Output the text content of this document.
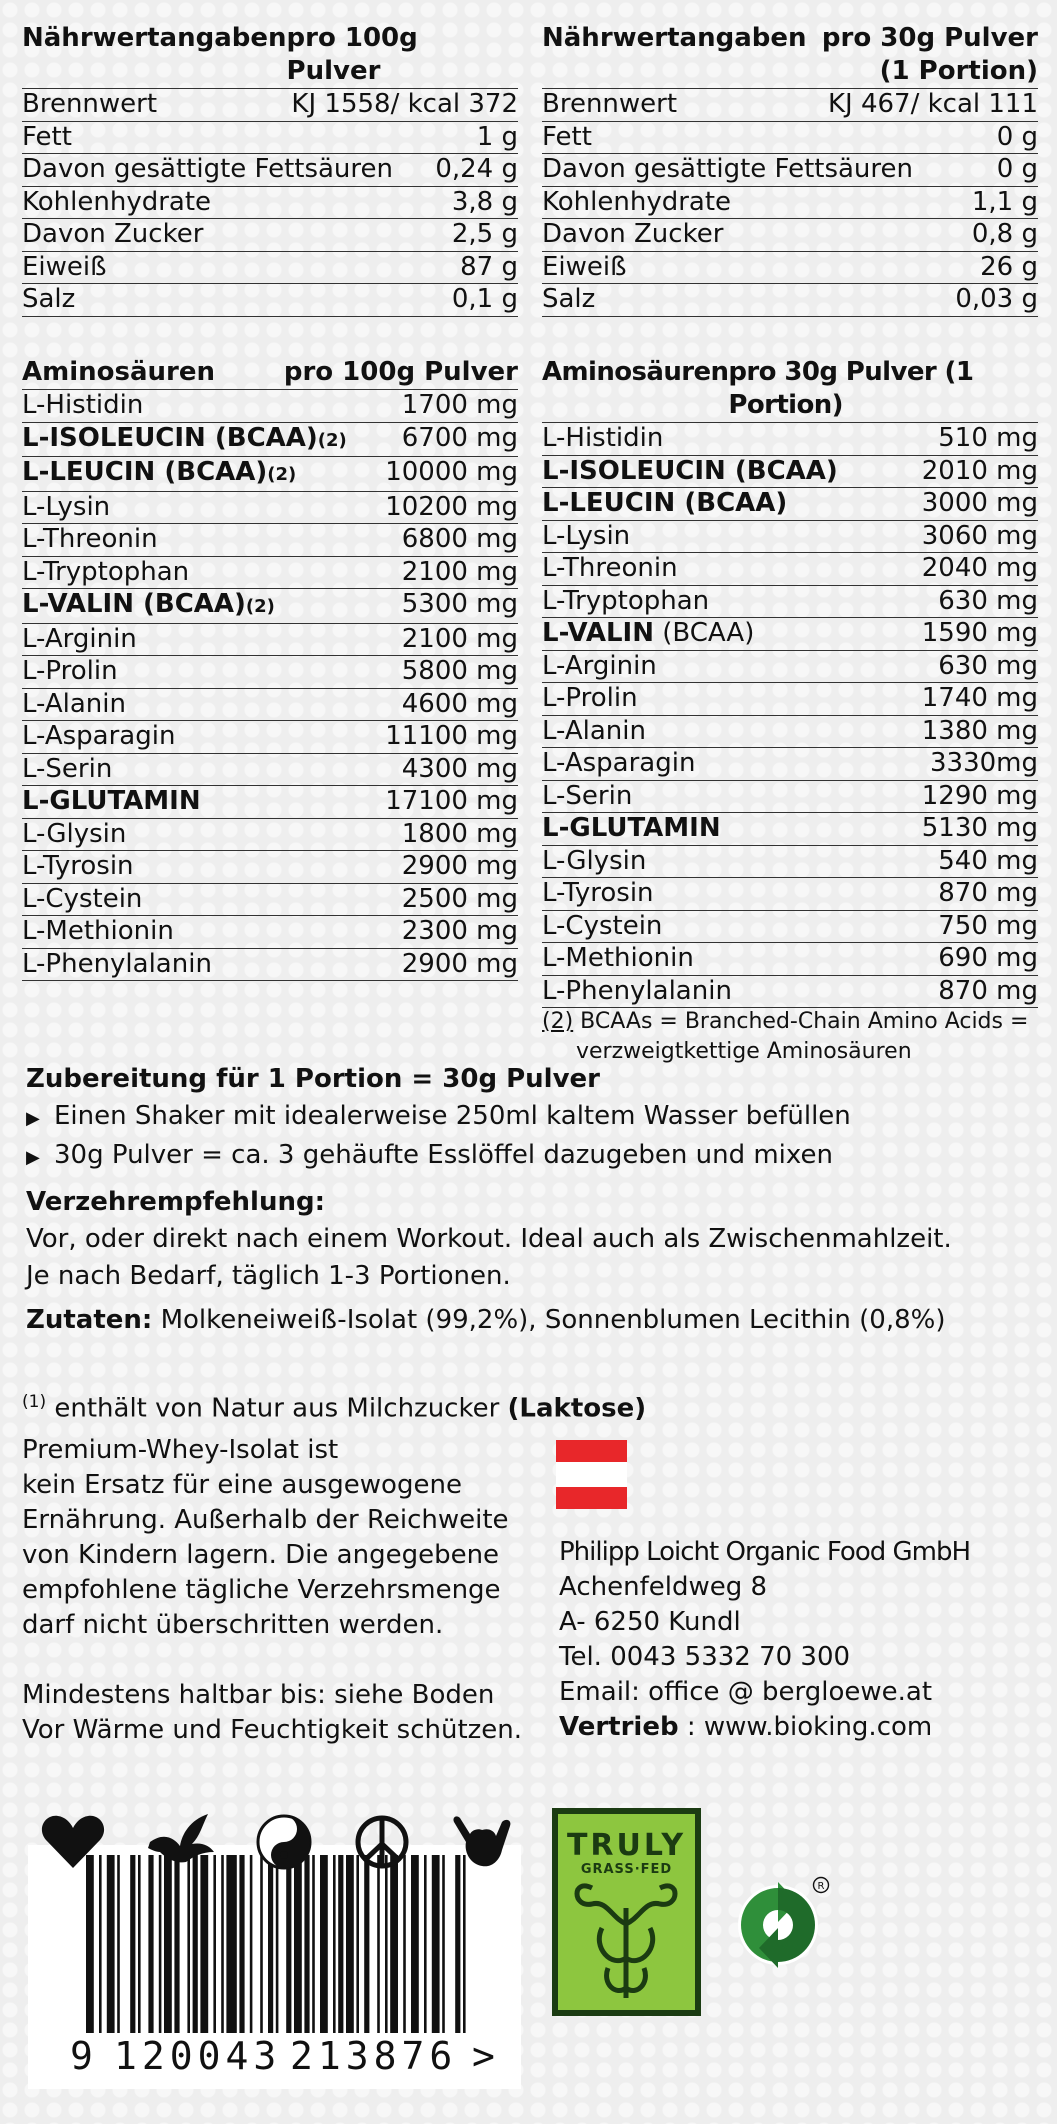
Nährwertangaben pro 100g Pulver
Brennwert	KJ 1558/ kcal 372
Fett	1 g
Davon gesättigte Fettsäuren 0,24 g
Kohlenhydrate	3,8 g
Davon Zucker	2,5 g
Eiweiß	87 g
Salz	0,1 g
Nährwertangaben pro 30g Pulver
(1 Portion)
Brennwert	KJ 467/ kcal 111
Fett	0 g
Davon gesättigte Fettsäuren	0 g
Kohlenhydrate	1,1 g
Davon Zucker	0,8 g
Eiweiß	26 g
Salz	0,03 g
Aminosäuren	pro 100g Pulver
L-Histidin	1700 mg
L-ISOLEUCIN (BCAA)(2) 6700 mg
L-LEUCIN (BCAA)(2)	10000 mg
L-Lysin	10200 mg
L-Threonin	6800 mg
L-Tryptophan	2100 mg
L-VALIN (BCAA)(2)	5300 mg
L-Arginin	2100 mg
L-Prolin	5800 mg
L-Alanin	4600 mg
L-Asparagin	11100 mg
L-Serin	4300 mg
L-GLUTAMIN	17100 mg
L-Glysin	1800 mg
L-Tyrosin	2900 mg
L-Cystein	2500 mg
L-Methionin	2300 mg
L-Phenylalanin	2900 mg
Aminosäuren pro 30g Pulver (1 Portion)
L-Histidin	510 mg
L-ISOLEUCIN (BCAA)	2010 mg
L-LEUCIN (BCAA)	3000 mg
L-Lysin	3060 mg
L-Threonin	2040 mg
L-Tryptophan	630 mg
L-VALIN (BCAA)	1590 mg
L-Arginin	630 mg
L-Prolin	1740 mg
L-Alanin	1380 mg
L-Asparagin	3330mg
L-Serin	1290 mg
L-GLUTAMIN	5130 mg
L-Glysin	540 mg
L-Tyrosin	870 mg
L-Cystein	750 mg
L-Methionin	690 mg
L-Phenylalanin	870 mg
(2) BCAAs = Branched-Chain Amino Acids =
verzweigtkettige Aminosäuren
Zubereitung für 1 Portion = 30g Pulver
▶ Einen Shaker mit idealerweise 250ml kaltem Wasser befüllen
▶ 30g Pulver = ca. 3 gehäufte Esslöffel dazugeben und mixen
Verzehrempfehlung:
Vor, oder direkt nach einem Workout. Ideal auch als Zwischenmahlzeit.
Je nach Bedarf, täglich 1-3 Portionen.
Zutaten: Molkeneiweiß-Isolat (99,2%), Sonnenblumen Lecithin (0,8%)
$^{(1)}$ enthält von Natur aus Milchzucker (Laktose)
Premium-Whey-Isolat ist
kein Ersatz für eine ausgewogene
Ernährung. Außerhalb der Reichweite
von Kindern lagern. Die angegebene
empfohlene tägliche Verzehrsmenge
darf nicht überschritten werden.
Mindestens haltbar bis: siehe Boden
Vor Wärme und Feuchtigkeit schützen.
Philipp Loicht Organic Food GmbH
Achenfeldweg 8
A- 6250 Kundl
Tel. 0043 5332 70 300
Email: office @ bergloewe.at
Vertrieb : www.bioking.com
9 120043 213876 >
TRULY
GRASS·FED
R
